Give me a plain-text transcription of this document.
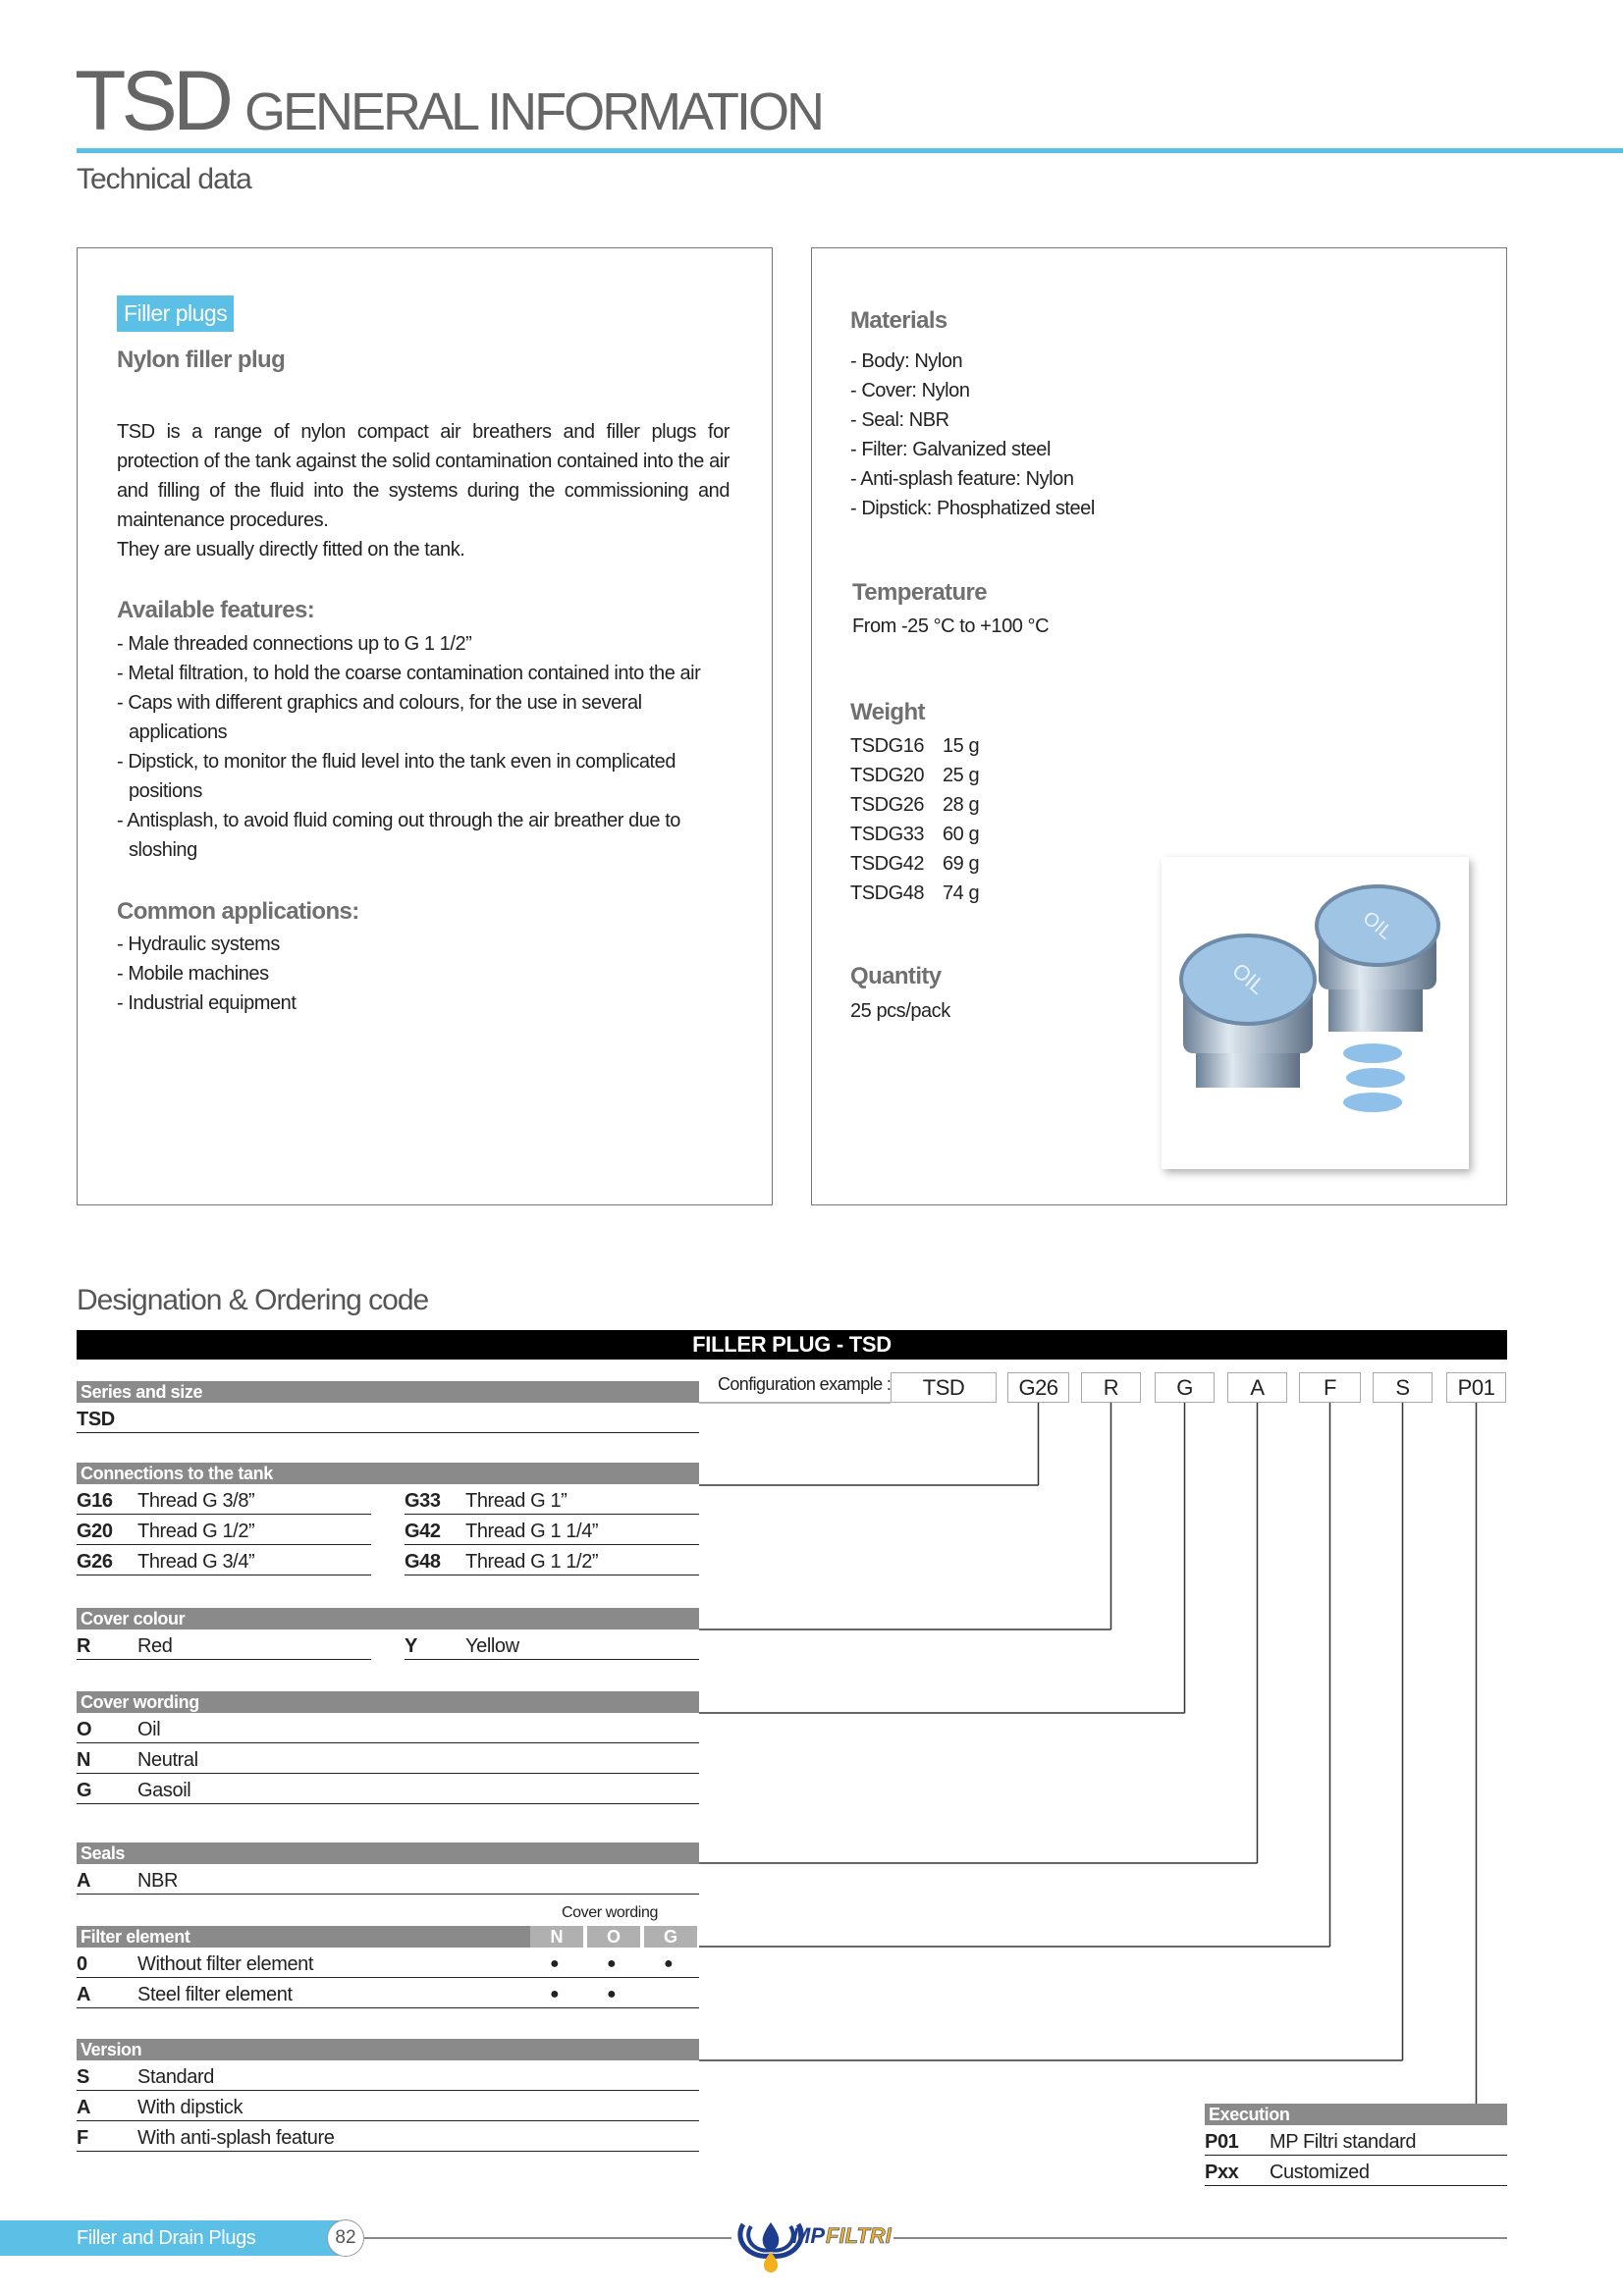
TSD GENERAL INFORMATION
Technical data
Filler plugs
Nylon filler plug
TSD is a range of nylon compact air breathers and filler plugs for protection of the tank against the solid contamination contained into the air and filling of the fluid into the systems during the commissioning and maintenance procedures.
They are usually directly fitted on the tank.
Available features:
- Male threaded connections up to G 1 1/2”
- Metal filtration, to hold the coarse contamination contained into the air
- Caps with different graphics and colours, for the use in several applications
- Dipstick, to monitor the fluid level into the tank even in complicated positions
- Antisplash, to avoid fluid coming out through the air breather due to sloshing
Common applications:
- Hydraulic systems
- Mobile machines
- Industrial equipment
Materials
- Body: Nylon
- Cover: Nylon
- Seal: NBR
- Filter: Galvanized steel
- Anti-splash feature: Nylon
- Dipstick: Phosphatized steel
Temperature
From -25 °C to +100 °C
Weight
TSDG16 15 g
TSDG20 25 g
TSDG26 28 g
TSDG33 60 g
TSDG42 69 g
TSDG48 74 g
Quantity
25 pcs/pack
OIL
OIL
Designation & Ordering code
FILLER PLUG - TSD
Configuration example :	TSD	G26	R	G	A	F	S	P01
Series and size
TSD
Connections to the tank
G16 Thread G 3/8”
G20 Thread G 1/2”
G26 Thread G 3/4”
G33 Thread G 1”
G42 Thread G 1 1/4”
G48 Thread G 1 1/2”
Cover colour
R Red	Y Yellow
Cover wording
O Oil
N Neutral
G Gasoil
Seals
A NBR
Filter element
Cover wording
N	O	G
0	Without filter element	●	●	●
A Steel filter element	●	●
Version
S Standard
A With dipstick
F	With anti-splash feature
Execution
P01 MP Filtri standard
Pxx Customized
Filler and Drain Plugs	82	MP FILTRI
